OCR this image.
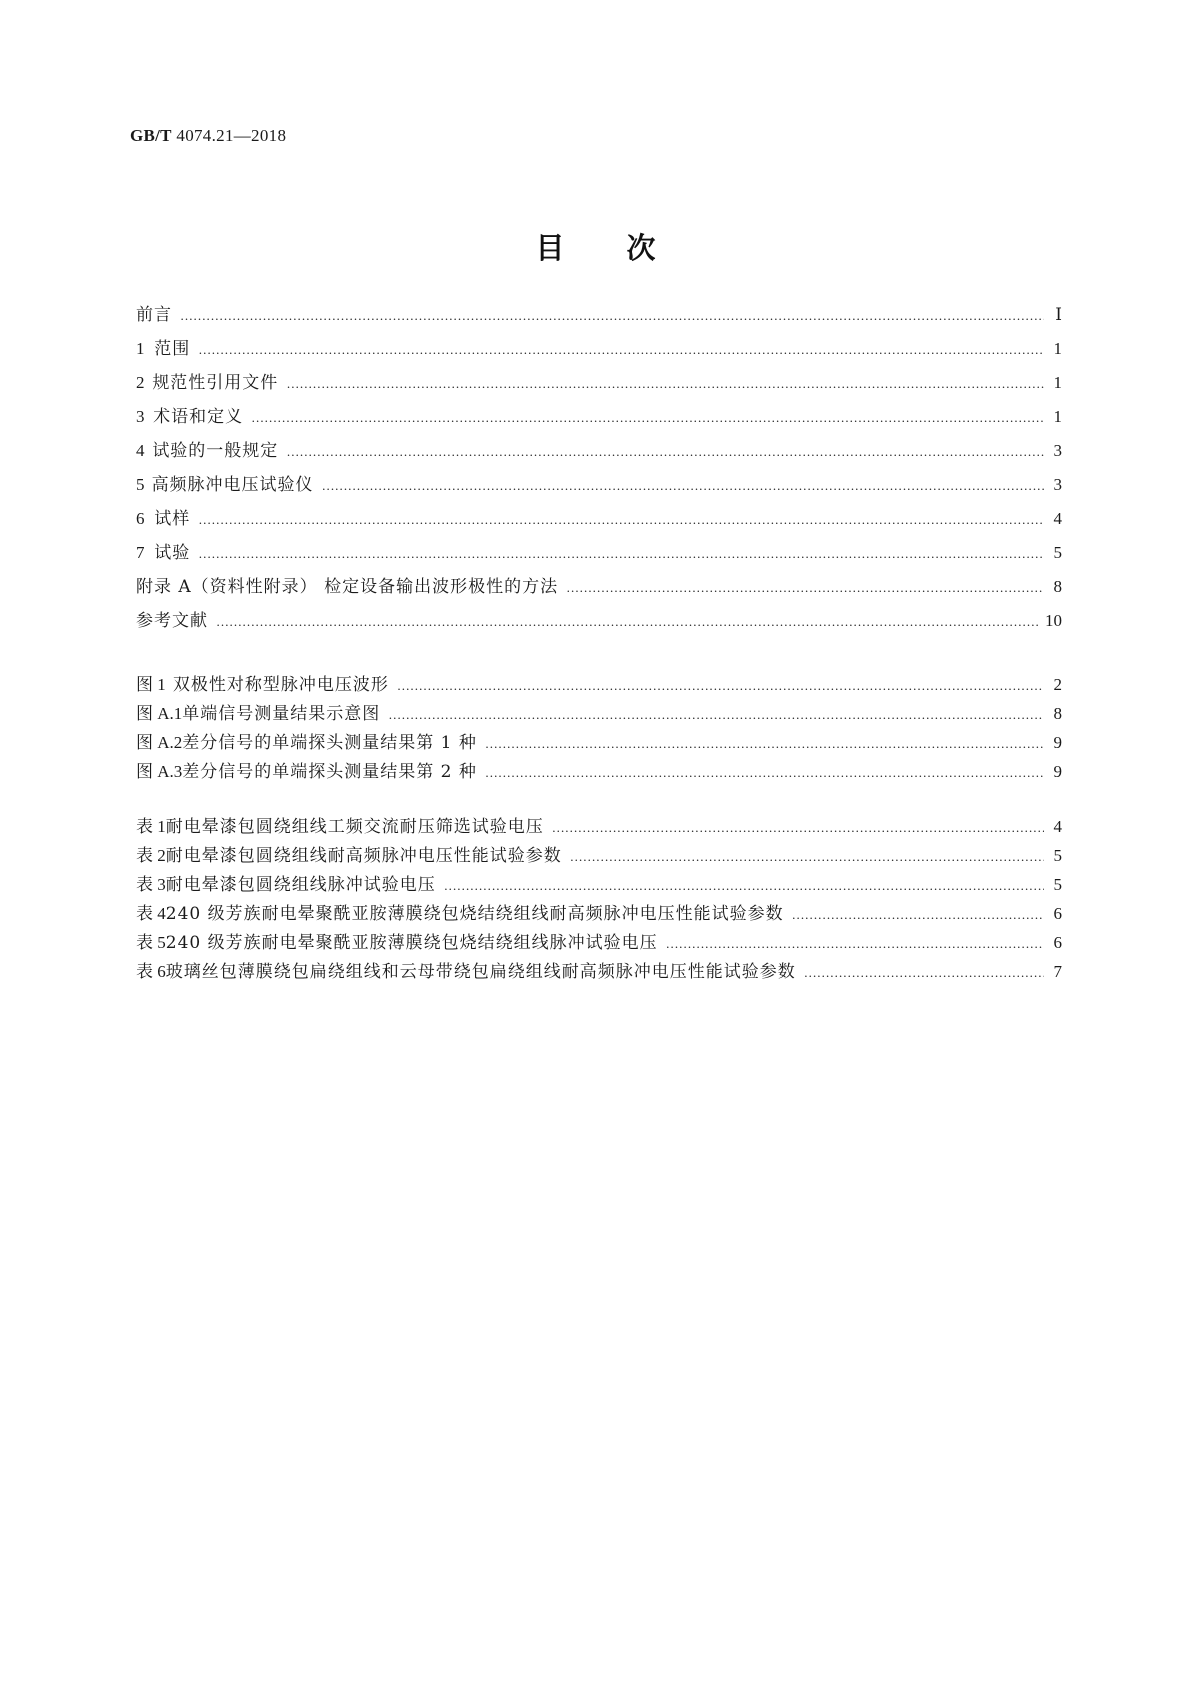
GB/T 4074.21—2018
目次
前言 …………………………………………………………………………………………………………………………………………………………………………………………………………………………………………………………………………	Ⅰ
1 范围 …………………………………………………………………………………………………………………………………………………………………………………………………………………………………………………………………………	1
2 规范性引用文件 …………………………………………………………………………………………………………………………………………………………………………………………………………………………………………………………………………	1
3 术语和定义 …………………………………………………………………………………………………………………………………………………………………………………………………………………………………………………………………………	1
4 试验的一般规定 …………………………………………………………………………………………………………………………………………………………………………………………………………………………………………………………………………	3
5 高频脉冲电压试验仪 …………………………………………………………………………………………………………………………………………………………………………………………………………………………………………………………………………	3
6 试样 …………………………………………………………………………………………………………………………………………………………………………………………………………………………………………………………………………	4
7 试验 …………………………………………………………………………………………………………………………………………………………………………………………………………………………………………………………………………	5
附录 A（资料性附录） 检定设备输出波形极性的方法 …………………………………………………………………………………………………………………………………………………………………………………………………………………………………………………………………………	8
参考文献 …………………………………………………………………………………………………………………………………………………………………………………………………………………………………………………………………………	10
图 1 双极性对称型脉冲电压波形 …………………………………………………………………………………………………………………………………………………………………………………………………………………………………………………………………………	2
图 A.1 单端信号测量结果示意图 …………………………………………………………………………………………………………………………………………………………………………………………………………………………………………………………………………	8
图 A.2 差分信号的单端探头测量结果第 1 种 …………………………………………………………………………………………………………………………………………………………………………………………………………………………………………………………………………	9
图 A.3 差分信号的单端探头测量结果第 2 种 …………………………………………………………………………………………………………………………………………………………………………………………………………………………………………………………………………	9
表 1 耐电晕漆包圆绕组线工频交流耐压筛选试验电压 …………………………………………………………………………………………………………………………………………………………………………………………………………………………………………………………………………	4
表 2 耐电晕漆包圆绕组线耐高频脉冲电压性能试验参数 …………………………………………………………………………………………………………………………………………………………………………………………………………………………………………………………………………	5
表 3 耐电晕漆包圆绕组线脉冲试验电压 …………………………………………………………………………………………………………………………………………………………………………………………………………………………………………………………………………	5
表 4 240 级芳族耐电晕聚酰亚胺薄膜绕包烧结绕组线耐高频脉冲电压性能试验参数 …………………………………………………………………………………………………………………………………………………………………………………………………………………………………………………………………………	6
表 5 240 级芳族耐电晕聚酰亚胺薄膜绕包烧结绕组线脉冲试验电压 …………………………………………………………………………………………………………………………………………………………………………………………………………………………………………………………………………	6
表 6 玻璃丝包薄膜绕包扁绕组线和云母带绕包扁绕组线耐高频脉冲电压性能试验参数 …………………………………………………………………………………………………………………………………………………………………………………………………………………………………………………………………………	7
